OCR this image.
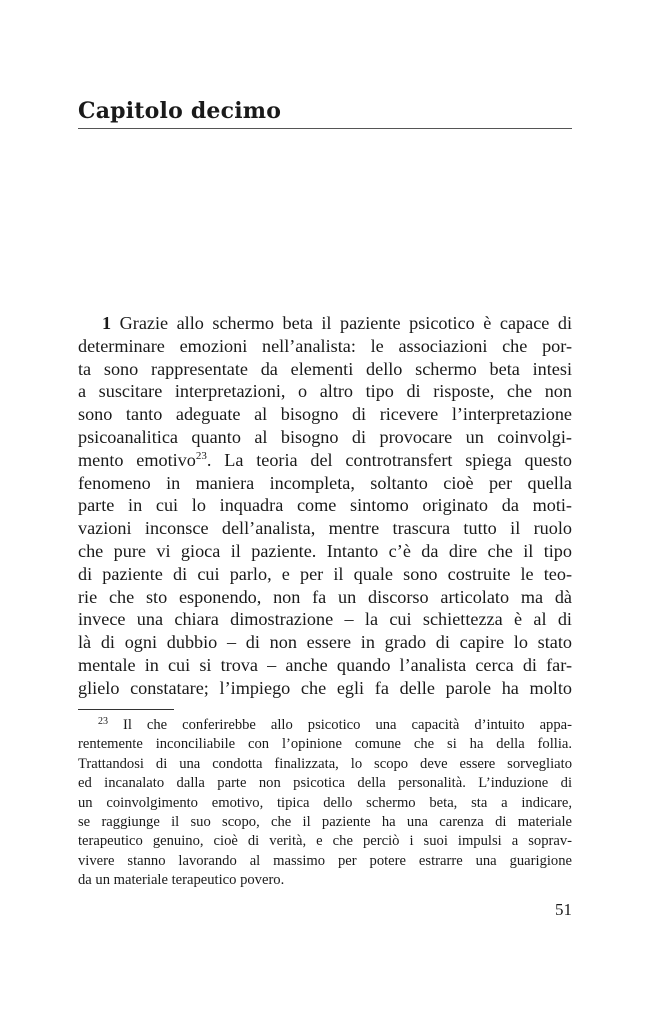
Capitolo decimo
1 Grazie allo schermo beta il paziente psicotico è capace di
determinare emozioni nell’analista: le associazioni che por-
ta sono rappresentate da elementi dello schermo beta intesi
a suscitare interpretazioni, o altro tipo di risposte, che non
sono tanto adeguate al bisogno di ricevere l’interpretazione
psicoanalitica quanto al bisogno di provocare un coinvolgi-
mento emotivo$^{23}$. La teoria del controtransfert spiega questo
fenomeno in maniera incompleta, soltanto cioè per quella
parte in cui lo inquadra come sintomo originato da moti-
vazioni inconsce dell’analista, mentre trascura tutto il ruolo
che pure vi gioca il paziente. Intanto c’è da dire che il tipo
di paziente di cui parlo, e per il quale sono costruite le teo-
rie che sto esponendo, non fa un discorso articolato ma dà
invece una chiara dimostrazione – la cui schiettezza è al di
là di ogni dubbio – di non essere in grado di capire lo stato
mentale in cui si trova – anche quando l’analista cerca di far-
glielo constatare; l’impiego che egli fa delle parole ha molto
$^{23}$ Il che conferirebbe allo psicotico una capacità d’intuito appa-
rentemente inconciliabile con l’opinione comune che si ha della follia.
Trattandosi di una condotta finalizzata, lo scopo deve essere sorvegliato
ed incanalato dalla parte non psicotica della personalità. L’induzione di
un coinvolgimento emotivo, tipica dello schermo beta, sta a indicare,
se raggiunge il suo scopo, che il paziente ha una carenza di materiale
terapeutico genuino, cioè di verità, e che perciò i suoi impulsi a soprav-
vivere stanno lavorando al massimo per potere estrarre una guarigione
da un materiale terapeutico povero.
51
